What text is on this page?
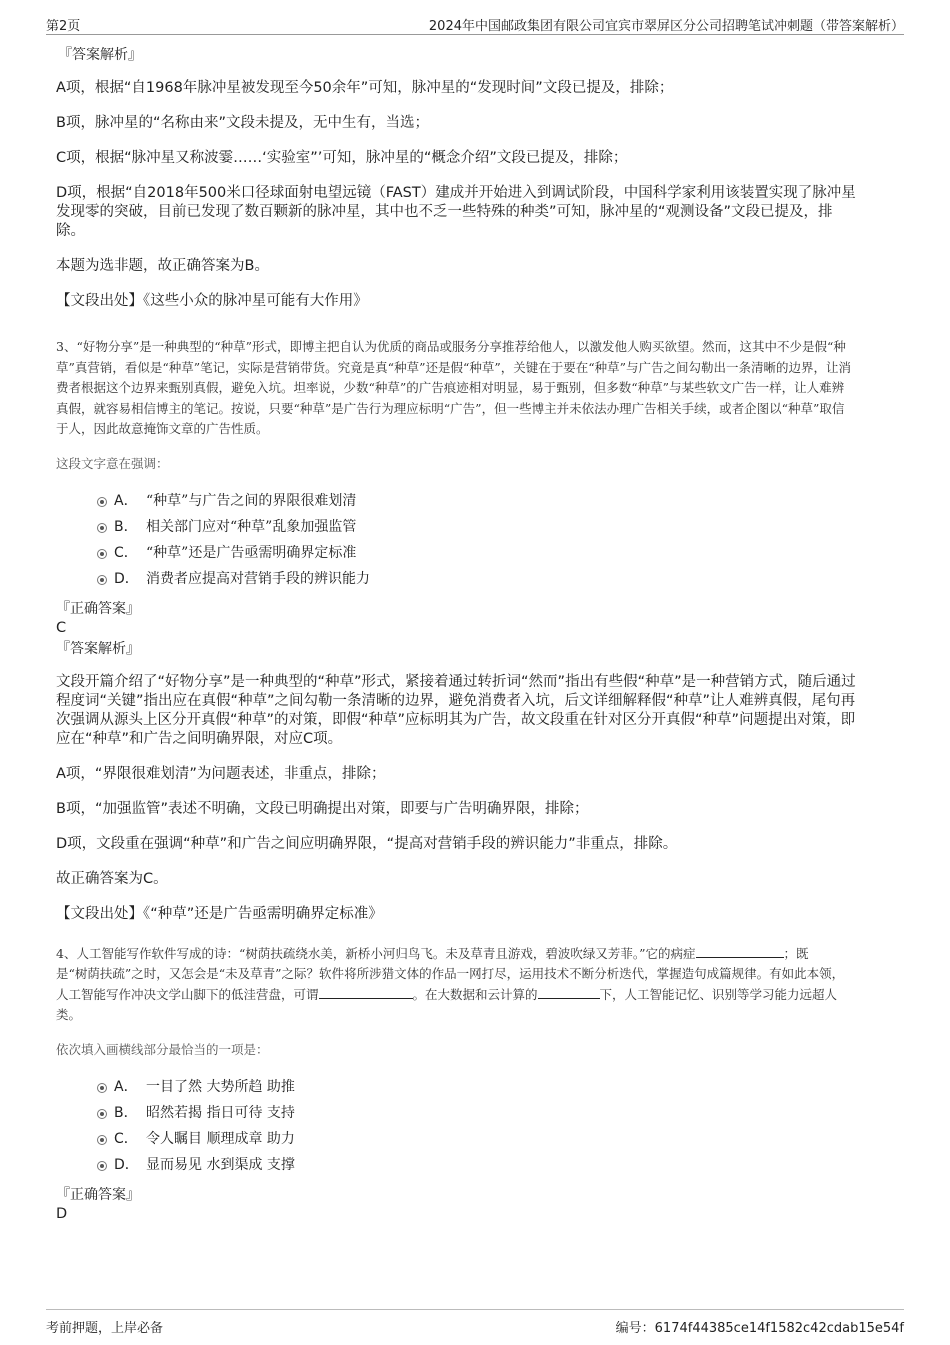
第2页	2024年中国邮政集团有限公司宜宾市翠屏区分公司招聘笔试冲刺题（带答案解析）

『答案解析』

A项，根据“自1968年脉冲星被发现至今50余年”可知，脉冲星的“发现时间”文段已提及，排除；

B项，脉冲星的“名称由来”文段未提及，无中生有，当选；

C项，根据“脉冲星又称波霎……‘实验室”’可知，脉冲星的“概念介绍”文段已提及，排除；

D项，根据“自2018年500米口径球面射电望远镜（FAST）建成并开始进入到调试阶段，中国科学家利用该装置实现了脉冲星

发现零的突破，目前已发现了数百颗新的脉冲星，其中也不乏一些特殊的种类”可知，脉冲星的“观测设备”文段已提及，排

除。

本题为选非题，故正确答案为B。

【文段出处】《这些小众的脉冲星可能有大作用》

3、“好物分享”是一种典型的“种草”形式，即博主把自认为优质的商品或服务分享推荐给他人，以激发他人购买欲望。然而，这其中不少是假“种

草”真营销，看似是“种草”笔记，实际是营销带货。究竟是真“种草”还是假“种草”，关键在于要在“种草”与广告之间勾勒出一条清晰的边界，让消

费者根据这个边界来甄别真假，避免入坑。坦率说，少数“种草”的广告痕迹相对明显，易于甄别，但多数“种草”与某些软文广告一样，让人难辨

真假，就容易相信博主的笔记。按说，只要“种草”是广告行为理应标明“广告”，但一些博主并未依法办理广告相关手续，或者企图以“种草”取信

于人，因此故意掩饰文章的广告性质。

这段文字意在强调：

A． “种草”与广告之间的界限很难划清
B． 相关部门应对“种草”乱象加强监管
C． “种草”还是广告亟需明确界定标准
D． 消费者应提高对营销手段的辨识能力

『正确答案』

C

『答案解析』

文段开篇介绍了“好物分享”是一种典型的“种草”形式，紧接着通过转折词“然而”指出有些假“种草”是一种营销方式，随后通过

程度词“关键”指出应在真假“种草”之间勾勒一条清晰的边界，避免消费者入坑，后文详细解释假“种草”让人难辨真假，尾句再

次强调从源头上区分开真假“种草”的对策，即假“种草”应标明其为广告，故文段重在针对区分开真假“种草”问题提出对策，即

应在“种草”和广告之间明确界限，对应C项。

A项，“界限很难划清”为问题表述，非重点，排除；

B项，“加强监管”表述不明确，文段已明确提出对策，即要与广告明确界限，排除；

D项，文段重在强调“种草”和广告之间应明确界限，“提高对营销手段的辨识能力”非重点，排除。

故正确答案为C。

【文段出处】《“种草”还是广告亟需明确界定标准》

4、人工智能写作软件写成的诗：“树荫扶疏绕水美，新桥小河归鸟飞。未及草青且游戏，碧波吹绿又芳菲。”它的病症	；既

是“树荫扶疏”之时，又怎会是“未及草青”之际？软件将所涉猎文体的作品一网打尽，运用技术不断分析迭代，掌握造句成篇规律。有如此本领，

人工智能写作冲决文学山脚下的低洼营盘，可谓	。在大数据和云计算的	下，人工智能记忆、识别等学习能力远超人

类。

依次填入画横线部分最恰当的一项是：

A． 一目了然 大势所趋 助推
B． 昭然若揭 指日可待 支持
C． 令人瞩目 顺理成章 助力
D． 显而易见 水到渠成 支撑

『正确答案』

D

考前押题，上岸必备	编号：6174f44385ce14f1582c42cdab15e54f
